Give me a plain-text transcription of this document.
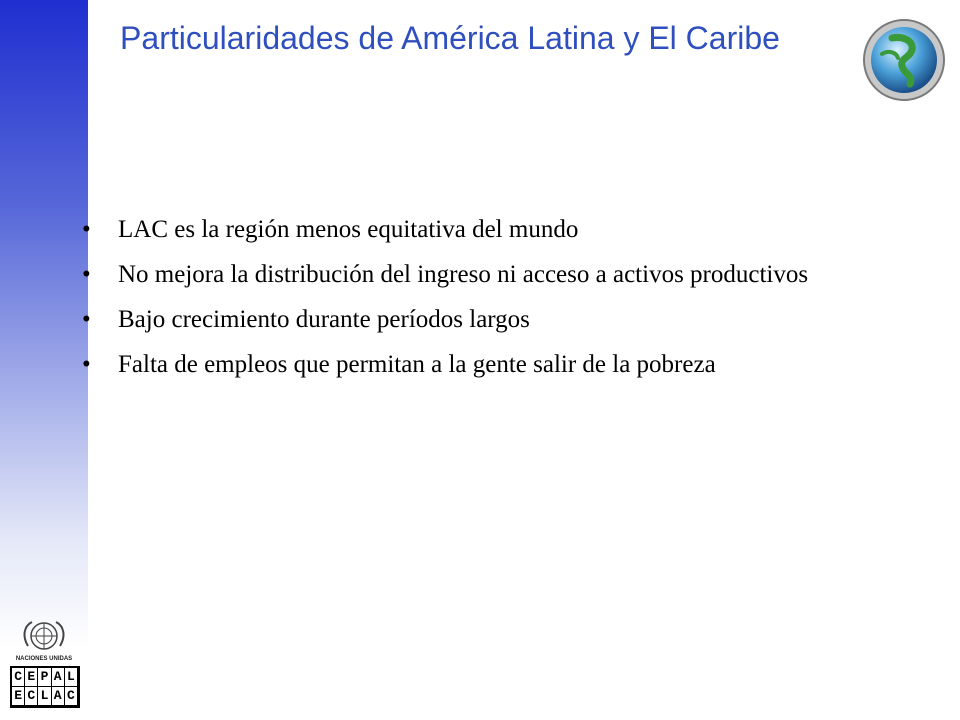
Particularidades de América Latina y El Caribe
• LAC es la región menos equitativa del mundo
• No mejora la distribución del ingreso ni acceso a activos productivos
• Bajo crecimiento durante períodos largos
• Falta de empleos que permitan a la gente salir de la pobreza
NACIONES UNIDAS
C E P A L
E C L A C
